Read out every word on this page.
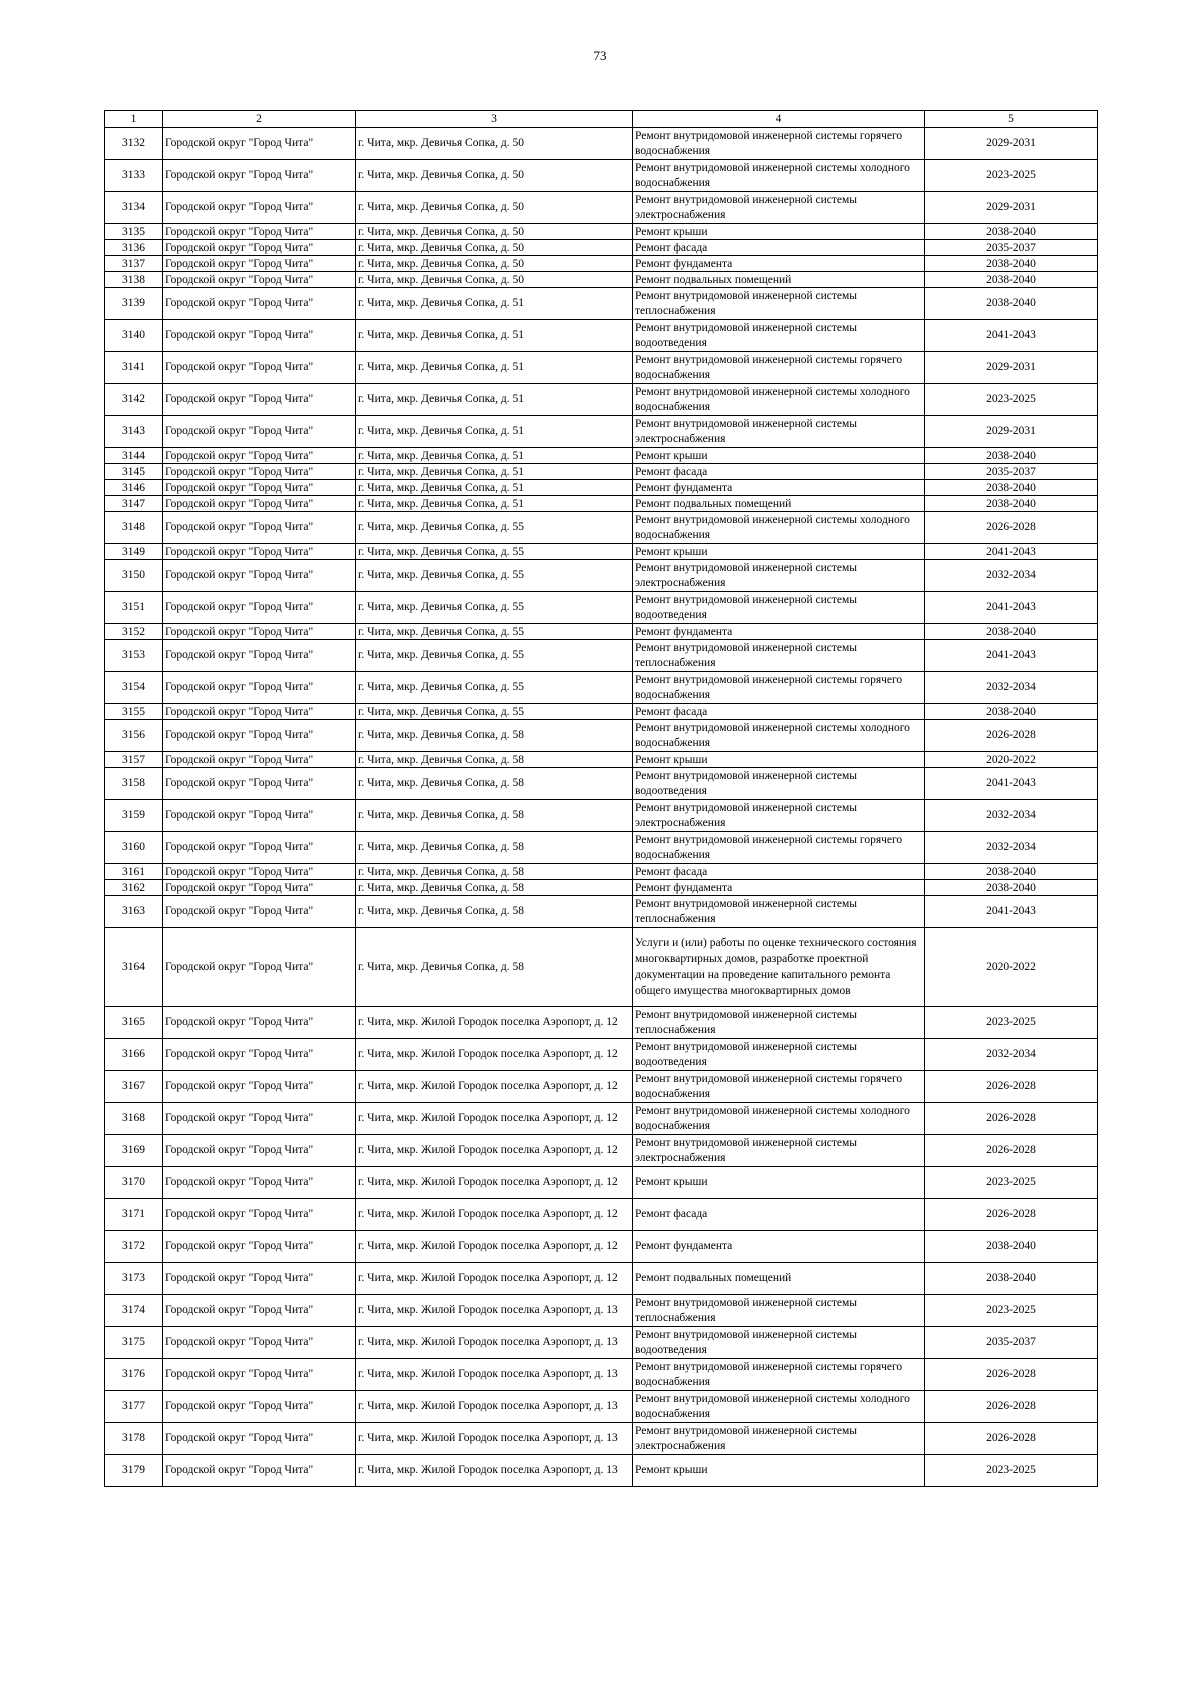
73
1	2	3	4	5
3132	Городской округ "Город Чита"	г. Чита, мкр. Девичья Сопка, д. 50	Ремонт внутридомовой инженерной системы горячего водоснабжения	2029-2031
3133	Городской округ "Город Чита"	г. Чита, мкр. Девичья Сопка, д. 50	Ремонт внутридомовой инженерной системы холодного водоснабжения	2023-2025
3134	Городской округ "Город Чита"	г. Чита, мкр. Девичья Сопка, д. 50	Ремонт внутридомовой инженерной системы электроснабжения	2029-2031
3135	Городской округ "Город Чита"	г. Чита, мкр. Девичья Сопка, д. 50	Ремонт крыши	2038-2040
3136	Городской округ "Город Чита"	г. Чита, мкр. Девичья Сопка, д. 50	Ремонт фасада	2035-2037
3137	Городской округ "Город Чита"	г. Чита, мкр. Девичья Сопка, д. 50	Ремонт фундамента	2038-2040
3138	Городской округ "Город Чита"	г. Чита, мкр. Девичья Сопка, д. 50	Ремонт подвальных помещений	2038-2040
3139	Городской округ "Город Чита"	г. Чита, мкр. Девичья Сопка, д. 51	Ремонт внутридомовой инженерной системы теплоснабжения	2038-2040
3140	Городской округ "Город Чита"	г. Чита, мкр. Девичья Сопка, д. 51	Ремонт внутридомовой инженерной системы водоотведения	2041-2043
3141	Городской округ "Город Чита"	г. Чита, мкр. Девичья Сопка, д. 51	Ремонт внутридомовой инженерной системы горячего водоснабжения	2029-2031
3142	Городской округ "Город Чита"	г. Чита, мкр. Девичья Сопка, д. 51	Ремонт внутридомовой инженерной системы холодного водоснабжения	2023-2025
3143	Городской округ "Город Чита"	г. Чита, мкр. Девичья Сопка, д. 51	Ремонт внутридомовой инженерной системы электроснабжения	2029-2031
3144	Городской округ "Город Чита"	г. Чита, мкр. Девичья Сопка, д. 51	Ремонт крыши	2038-2040
3145	Городской округ "Город Чита"	г. Чита, мкр. Девичья Сопка, д. 51	Ремонт фасада	2035-2037
3146	Городской округ "Город Чита"	г. Чита, мкр. Девичья Сопка, д. 51	Ремонт фундамента	2038-2040
3147	Городской округ "Город Чита"	г. Чита, мкр. Девичья Сопка, д. 51	Ремонт подвальных помещений	2038-2040
3148	Городской округ "Город Чита"	г. Чита, мкр. Девичья Сопка, д. 55	Ремонт внутридомовой инженерной системы холодного водоснабжения	2026-2028
3149	Городской округ "Город Чита"	г. Чита, мкр. Девичья Сопка, д. 55	Ремонт крыши	2041-2043
3150	Городской округ "Город Чита"	г. Чита, мкр. Девичья Сопка, д. 55	Ремонт внутридомовой инженерной системы электроснабжения	2032-2034
3151	Городской округ "Город Чита"	г. Чита, мкр. Девичья Сопка, д. 55	Ремонт внутридомовой инженерной системы водоотведения	2041-2043
3152	Городской округ "Город Чита"	г. Чита, мкр. Девичья Сопка, д. 55	Ремонт фундамента	2038-2040
3153	Городской округ "Город Чита"	г. Чита, мкр. Девичья Сопка, д. 55	Ремонт внутридомовой инженерной системы теплоснабжения	2041-2043
3154	Городской округ "Город Чита"	г. Чита, мкр. Девичья Сопка, д. 55	Ремонт внутридомовой инженерной системы горячего водоснабжения	2032-2034
3155	Городской округ "Город Чита"	г. Чита, мкр. Девичья Сопка, д. 55	Ремонт фасада	2038-2040
3156	Городской округ "Город Чита"	г. Чита, мкр. Девичья Сопка, д. 58	Ремонт внутридомовой инженерной системы холодного водоснабжения	2026-2028
3157	Городской округ "Город Чита"	г. Чита, мкр. Девичья Сопка, д. 58	Ремонт крыши	2020-2022
3158	Городской округ "Город Чита"	г. Чита, мкр. Девичья Сопка, д. 58	Ремонт внутридомовой инженерной системы водоотведения	2041-2043
3159	Городской округ "Город Чита"	г. Чита, мкр. Девичья Сопка, д. 58	Ремонт внутридомовой инженерной системы электроснабжения	2032-2034
3160	Городской округ "Город Чита"	г. Чита, мкр. Девичья Сопка, д. 58	Ремонт внутридомовой инженерной системы горячего водоснабжения	2032-2034
3161	Городской округ "Город Чита"	г. Чита, мкр. Девичья Сопка, д. 58	Ремонт фасада	2038-2040
3162	Городской округ "Город Чита"	г. Чита, мкр. Девичья Сопка, д. 58	Ремонт фундамента	2038-2040
3163	Городской округ "Город Чита"	г. Чита, мкр. Девичья Сопка, д. 58	Ремонт внутридомовой инженерной системы теплоснабжения	2041-2043
3164	Городской округ "Город Чита"	г. Чита, мкр. Девичья Сопка, д. 58	Услуги и (или) работы по оценке технического состояния многоквартирных домов, разработке проектной документации на проведение капитального ремонта общего имущества многоквартирных домов	2020-2022
3165	Городской округ "Город Чита"	г. Чита, мкр. Жилой Городок поселка Аэропорт, д. 12	Ремонт внутридомовой инженерной системы теплоснабжения	2023-2025
3166	Городской округ "Город Чита"	г. Чита, мкр. Жилой Городок поселка Аэропорт, д. 12	Ремонт внутридомовой инженерной системы водоотведения	2032-2034
3167	Городской округ "Город Чита"	г. Чита, мкр. Жилой Городок поселка Аэропорт, д. 12	Ремонт внутридомовой инженерной системы горячего водоснабжения	2026-2028
3168	Городской округ "Город Чита"	г. Чита, мкр. Жилой Городок поселка Аэропорт, д. 12	Ремонт внутридомовой инженерной системы холодного водоснабжения	2026-2028
3169	Городской округ "Город Чита"	г. Чита, мкр. Жилой Городок поселка Аэропорт, д. 12	Ремонт внутридомовой инженерной системы электроснабжения	2026-2028
3170	Городской округ "Город Чита"	г. Чита, мкр. Жилой Городок поселка Аэропорт, д. 12	Ремонт крыши	2023-2025
3171	Городской округ "Город Чита"	г. Чита, мкр. Жилой Городок поселка Аэропорт, д. 12	Ремонт фасада	2026-2028
3172	Городской округ "Город Чита"	г. Чита, мкр. Жилой Городок поселка Аэропорт, д. 12	Ремонт фундамента	2038-2040
3173	Городской округ "Город Чита"	г. Чита, мкр. Жилой Городок поселка Аэропорт, д. 12	Ремонт подвальных помещений	2038-2040
3174	Городской округ "Город Чита"	г. Чита, мкр. Жилой Городок поселка Аэропорт, д. 13	Ремонт внутридомовой инженерной системы теплоснабжения	2023-2025
3175	Городской округ "Город Чита"	г. Чита, мкр. Жилой Городок поселка Аэропорт, д. 13	Ремонт внутридомовой инженерной системы водоотведения	2035-2037
3176	Городской округ "Город Чита"	г. Чита, мкр. Жилой Городок поселка Аэропорт, д. 13	Ремонт внутридомовой инженерной системы горячего водоснабжения	2026-2028
3177	Городской округ "Город Чита"	г. Чита, мкр. Жилой Городок поселка Аэропорт, д. 13	Ремонт внутридомовой инженерной системы холодного водоснабжения	2026-2028
3178	Городской округ "Город Чита"	г. Чита, мкр. Жилой Городок поселка Аэропорт, д. 13	Ремонт внутридомовой инженерной системы электроснабжения	2026-2028
3179	Городской округ "Город Чита"	г. Чита, мкр. Жилой Городок поселка Аэропорт, д. 13	Ремонт крыши	2023-2025
